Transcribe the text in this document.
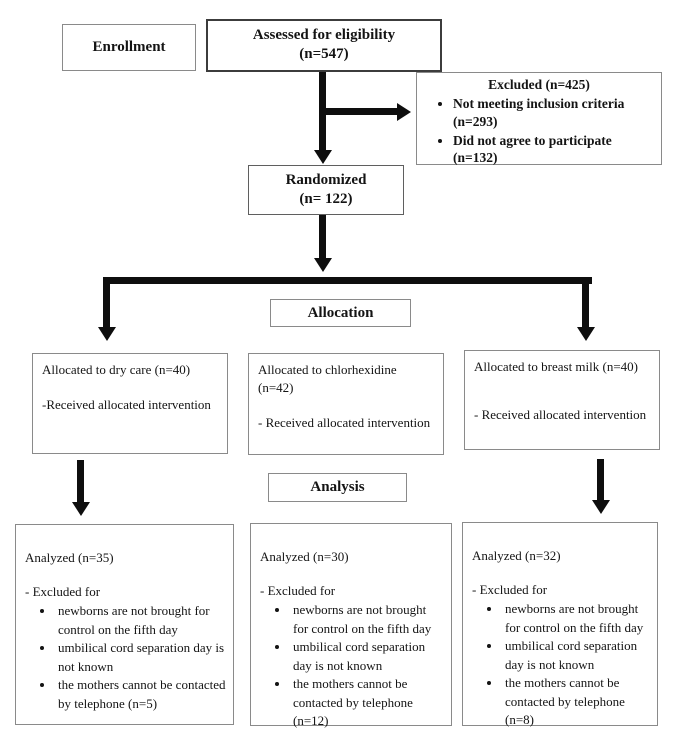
Enrollment
Assessed for eligibility
(n=547)
Excluded (n=425)
• Not meeting inclusion criteria (n=293)
• Did not agree to participate (n=132)
Randomized
(n= 122)
Allocation
Allocated to dry care (n=40)
-Received allocated intervention
Allocated to chlorhexidine (n=42)
- Received allocated intervention
Allocated to breast milk (n=40)
- Received allocated intervention
Analysis
Analyzed (n=35)
- Excluded for
• newborns are not brought for control on the fifth day
• umbilical cord separation day is not known
• the mothers cannot be contacted by telephone (n=5)
Analyzed (n=30)
- Excluded for
• newborns are not brought for control on the fifth day
• umbilical cord separation day is not known
• the mothers cannot be contacted by telephone (n=12)
Analyzed (n=32)
- Excluded for
• newborns are not brought for control on the fifth day
• umbilical cord separation day is not known
• the mothers cannot be contacted by telephone (n=8)
